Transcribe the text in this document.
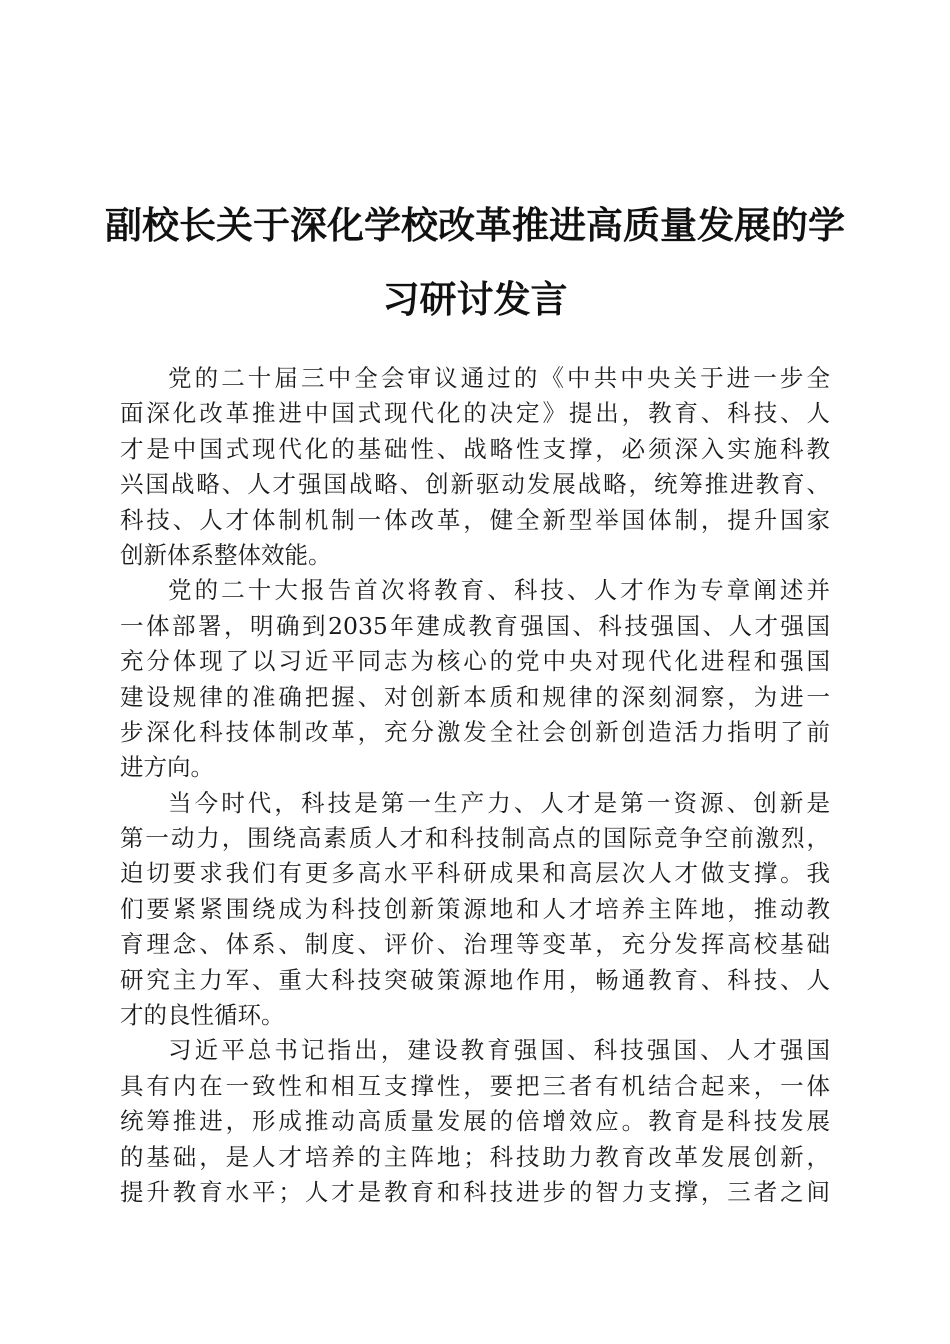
副校长关于深化学校改革推进高质量发展的学
习研讨发言
党的二十届三中全会审议通过的《中共中央关于进一步全
面深化改革推进中国式现代化的决定》提出，教育、科技、人
才是中国式现代化的基础性、战略性支撑，必须深入实施科教
兴国战略、人才强国战略、创新驱动发展战略，统筹推进教育、
科技、人才体制机制一体改革，健全新型举国体制，提升国家
创新体系整体效能。
党的二十大报告首次将教育、科技、人才作为专章阐述并
一体部署，明确到2035年建成教育强国、科技强国、人才强国
充分体现了以习近平同志为核心的党中央对现代化进程和强国
建设规律的准确把握、对创新本质和规律的深刻洞察，为进一
步深化科技体制改革，充分激发全社会创新创造活力指明了前
进方向。
当今时代，科技是第一生产力、人才是第一资源、创新是
第一动力，围绕高素质人才和科技制高点的国际竞争空前激烈，
迫切要求我们有更多高水平科研成果和高层次人才做支撑。我
们要紧紧围绕成为科技创新策源地和人才培养主阵地，推动教
育理念、体系、制度、评价、治理等变革，充分发挥高校基础
研究主力军、重大科技突破策源地作用，畅通教育、科技、人
才的良性循环。
习近平总书记指出，建设教育强国、科技强国、人才强国
具有内在一致性和相互支撑性，要把三者有机结合起来，一体
统筹推进，形成推动高质量发展的倍增效应。教育是科技发展
的基础，是人才培养的主阵地；科技助力教育改革发展创新，
提升教育水平；人才是教育和科技进步的智力支撑，三者之间
